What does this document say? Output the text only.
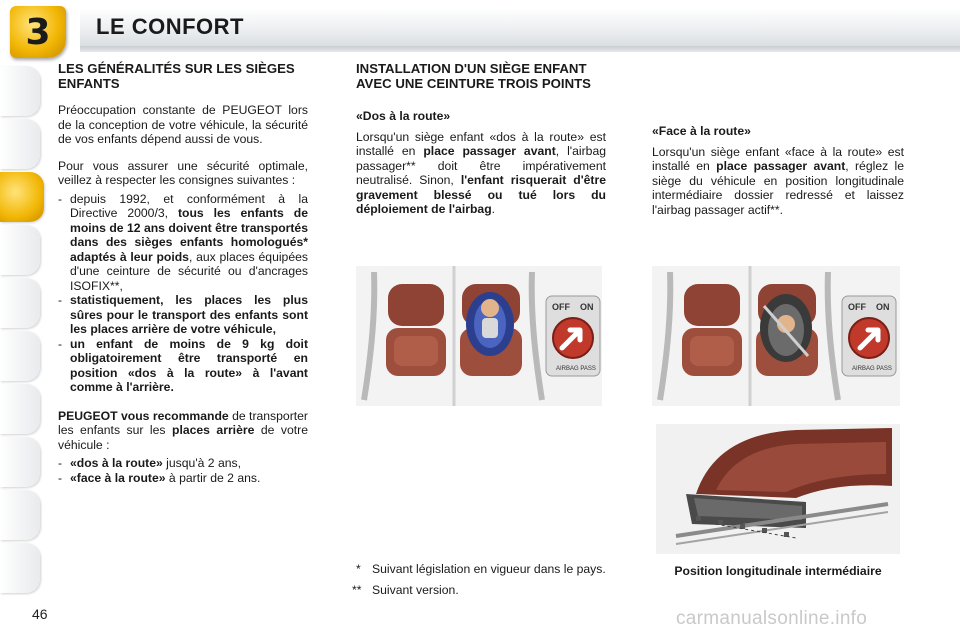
3 LE CONFORT
LES GÉNÉRALITÉS SUR LES SIÈGES ENFANTS

Préoccupation constante de PEUGEOT lors de la conception de votre véhicule, la sécurité de vos enfants dépend aussi de vous.

Pour vous assurer une sécurité optimale, veillez à respecter les consignes suivantes :

- depuis 1992, et conformément à la Directive 2000/3, tous les enfants de moins de 12 ans doivent être transportés dans des sièges enfants homologués* adaptés à leur poids, aux places équipées d'une ceinture de sécurité ou d'ancrages ISOFIX**,
- statistiquement, les places les plus sûres pour le transport des enfants sont les places arrière de votre véhicule,
- un enfant de moins de 9 kg doit obligatoirement être transporté en position «dos à la route» à l'avant comme à l'arrière.

PEUGEOT vous recommande de transporter les enfants sur les places arrière de votre véhicule :

- «dos à la route» jusqu'à 2 ans,
- «face à la route» à partir de 2 ans.
INSTALLATION D'UN SIÈGE ENFANT AVEC UNE CEINTURE TROIS POINTS
«Dos à la route»

Lorsqu'un siège enfant «dos à la route» est installé en place passager avant, l'airbag passager** doit être impérativement neutralisé. Sinon, l'enfant risquerait d'être gravement blessé ou tué lors du déploiement de l'airbag.

«Face à la route»

Lorsqu'un siège enfant «face à la route» est installé en place passager avant, réglez le siège du véhicule en position longitudinale intermédiaire dossier redressé et laissez l'airbag passager actif**.

OFF ON
AIRBAG PASS
OFF ON
AIRBAG PASS
Position longitudinale intermédiaire
* Suivant législation en vigueur dans le pays.
** Suivant version.
46	carmanualsonline.info
